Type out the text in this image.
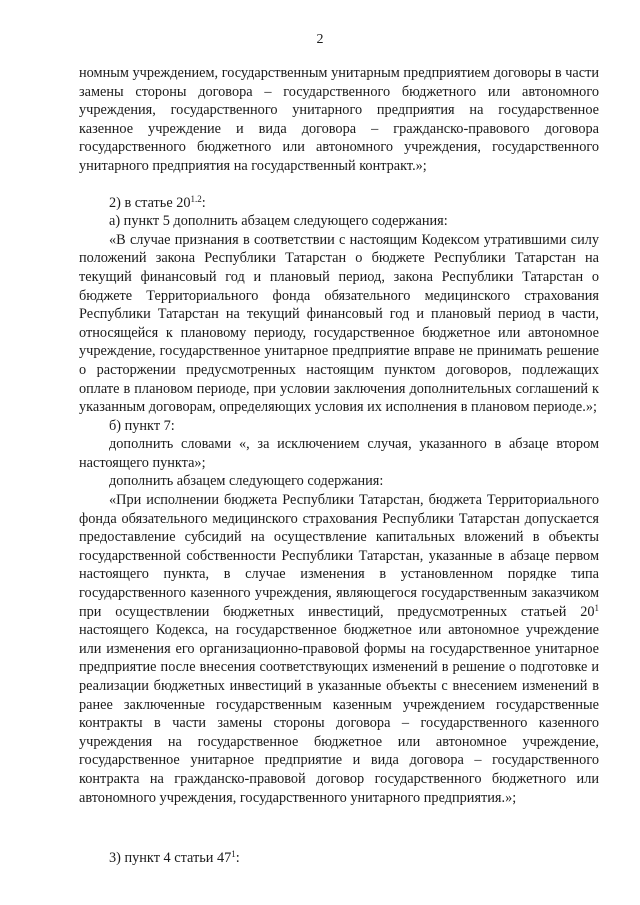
2

номным учреждением, государственным унитарным предприятием договоры в части замены стороны договора – государственного бюджетного или автономного учреждения, государственного унитарного предприятия на государственное казенное учреждение и вида договора – гражданско-правового договора государственного бюджетного или автономного учреждения, государственного унитарного предприятия на государственный контракт.»;

2) в статье $20^{1.2}$:

а) пункт 5 дополнить абзацем следующего содержания:

«В случае признания в соответствии с настоящим Кодексом утратившими силу положений закона Республики Татарстан о бюджете Республики Татарстан на текущий финансовый год и плановый период, закона Республики Татарстан о бюджете Территориального фонда обязательного медицинского страхования Республики Татарстан на текущий финансовый год и плановый период в части, относящейся к плановому периоду, государственное бюджетное или автономное учреждение, государственное унитарное предприятие вправе не принимать решение о расторжении предусмотренных настоящим пунктом договоров, подлежащих оплате в плановом периоде, при условии заключения дополнительных соглашений к указанным договорам, определяющих условия их исполнения в плановом периоде.»;

б) пункт 7:

дополнить словами «, за исключением случая, указанного в абзаце втором настоящего пункта»;

дополнить абзацем следующего содержания:

«При исполнении бюджета Республики Татарстан, бюджета Территориального фонда обязательного медицинского страхования Республики Татарстан допускается предоставление субсидий на осуществление капитальных вложений в объекты государственной собственности Республики Татарстан, указанные в абзаце первом настоящего пункта, в случае изменения в установленном порядке типа государственного казенного учреждения, являющегося государственным заказчиком при осуществлении бюджетных инвестиций, предусмотренных статьей $20^1$ настоящего Кодекса, на государственное бюджетное или автономное учреждение или изменения его организационно-правовой формы на государственное унитарное предприятие после внесения соответствующих изменений в решение о подготовке и реализации бюджетных инвестиций в указанные объекты с внесением изменений в ранее заключенные государственным казенным учреждением государственные контракты в части замены стороны договора – государственного казенного учреждения на государственное бюджетное или автономное учреждение, государственное унитарное предприятие и вида договора – государственного контракта на гражданско-правовой договор государственного бюджетного или автономного учреждения, государственного унитарного предприятия.»;

3) пункт 4 статьи $47^1$:
